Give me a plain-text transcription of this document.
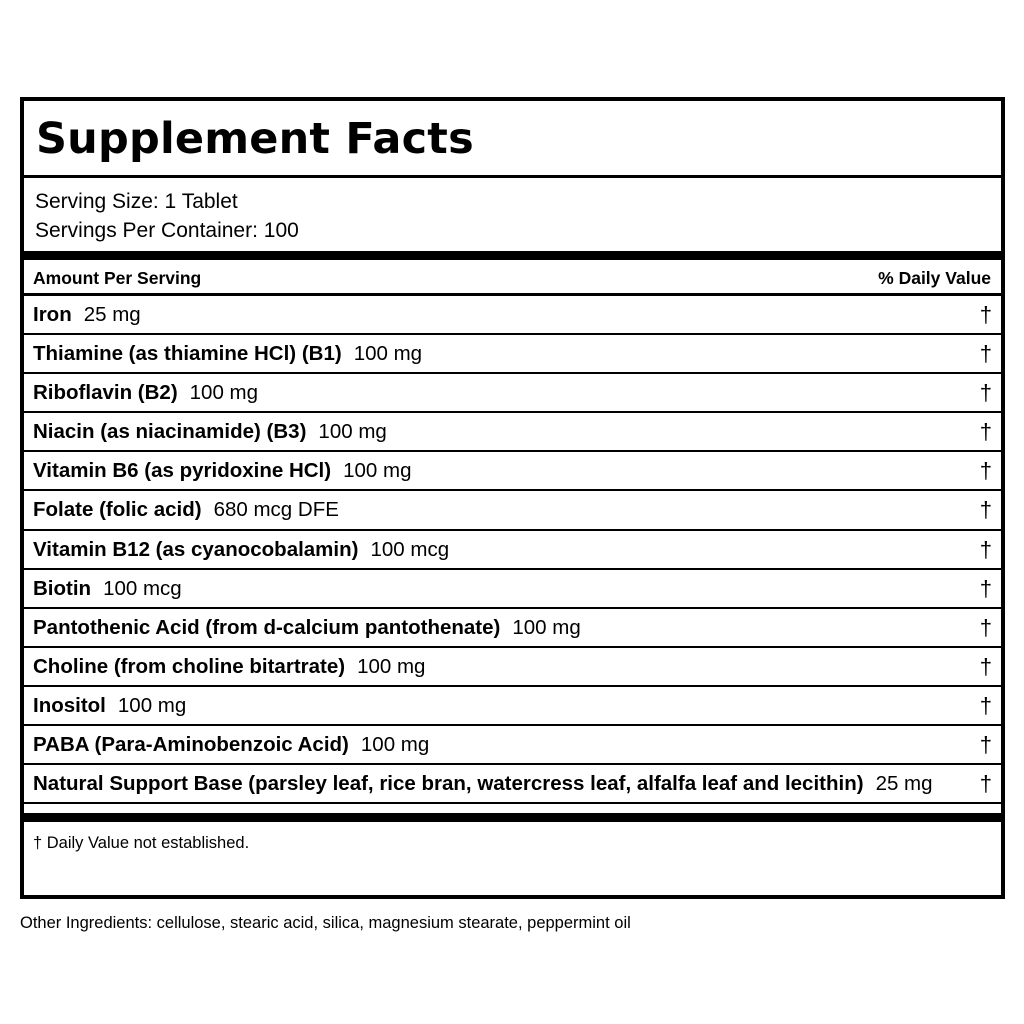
Supplement Facts
Serving Size: 1 Tablet
Servings Per Container: 100
Amount Per Serving	% Daily Value
Iron 25 mg	†
Thiamine (as thiamine HCl) (B1) 100 mg	†
Riboflavin (B2) 100 mg	†
Niacin (as niacinamide) (B3) 100 mg	†
Vitamin B6 (as pyridoxine HCl) 100 mg	†
Folate (folic acid) 680 mcg DFE	†
Vitamin B12 (as cyanocobalamin) 100 mcg	†
Biotin 100 mcg	†
Pantothenic Acid (from d-calcium pantothenate) 100 mg	†
Choline (from choline bitartrate) 100 mg	†
Inositol 100 mg	†
PABA (Para-Aminobenzoic Acid) 100 mg	†
Natural Support Base (parsley leaf, rice bran, watercress leaf, alfalfa leaf and lecithin) 25 mg †
† Daily Value not established.
Other Ingredients: cellulose, stearic acid, silica, magnesium stearate, peppermint oil
